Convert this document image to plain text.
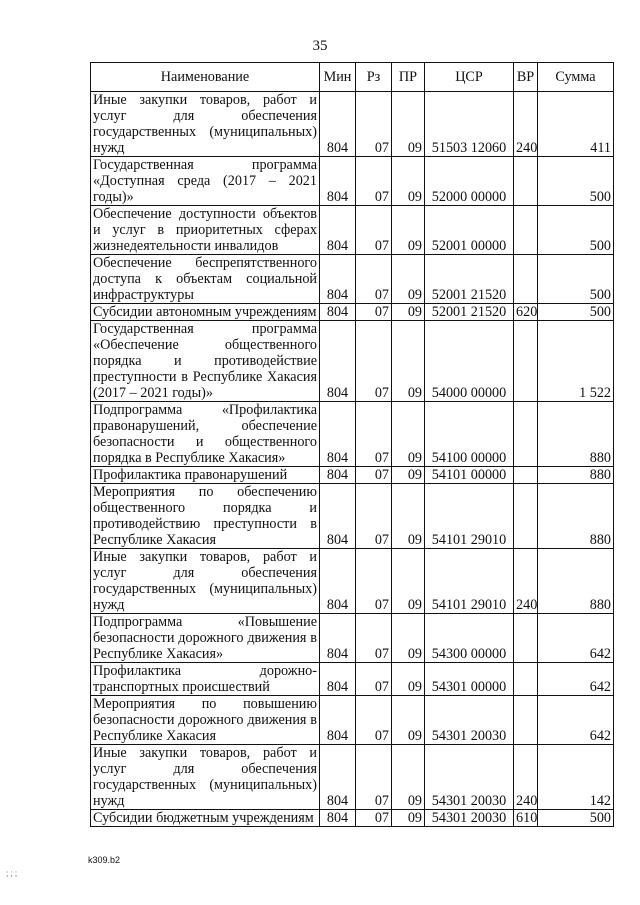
35
Наименование	Мин	Рз	ПР	ЦСР	ВР	Сумма
Иные закупки товаров, работ и услуг для обеспечения государственных (муниципальных) нужд	804	07	09	51503 12060	240	411
Государственная программа «Доступная среда (2017 – 2021 годы)»	804	07	09	52000 00000		500
Обеспечение доступности объектов и услуг в приоритетных сферах жизнедеятельности инвалидов	804	07	09	52001 00000		500
Обеспечение беспрепятственного доступа к объектам социальной инфраструктуры	804	07	09	52001 21520		500
Субсидии автономным учреждениям	804	07	09	52001 21520	620	500
Государственная программа «Обеспечение общественного порядка и противодействие преступности в Республике Хакасия (2017 – 2021 годы)»	804	07	09	54000 00000		1 522
Подпрограмма «Профилактика правонарушений, обеспечение безопасности и общественного порядка в Республике Хакасия»	804	07	09	54100 00000		880
Профилактика правонарушений	804	07	09	54101 00000		880
Мероприятия по обеспечению общественного порядка и противодействию преступности в Республике Хакасия	804	07	09	54101 29010		880
Иные закупки товаров, работ и услуг для обеспечения государственных (муниципальных) нужд	804	07	09	54101 29010	240	880
Подпрограмма «Повышение безопасности дорожного движения в Республике Хакасия»	804	07	09	54300 00000		642
Профилактика дорожно-транспортных происшествий	804	07	09	54301 00000		642
Мероприятия по повышению безопасности дорожного движения в Республике Хакасия	804	07	09	54301 20030		642
Иные закупки товаров, работ и услуг для обеспечения государственных (муниципальных) нужд	804	07	09	54301 20030	240	142
Субсидии бюджетным учреждениям	804	07	09	54301 20030	610	500
k309.b2
; ; ;
